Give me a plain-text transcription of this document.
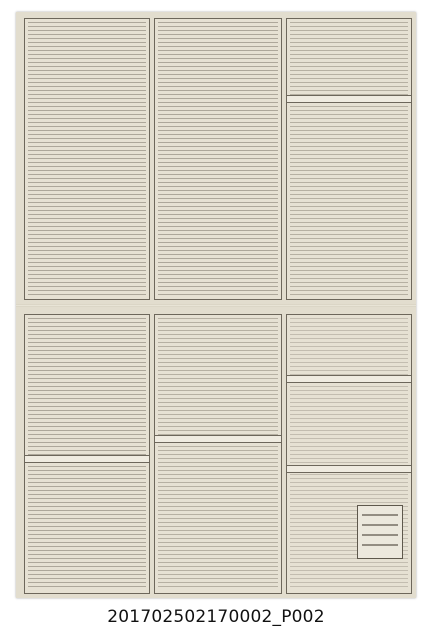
201702502170002_P002
